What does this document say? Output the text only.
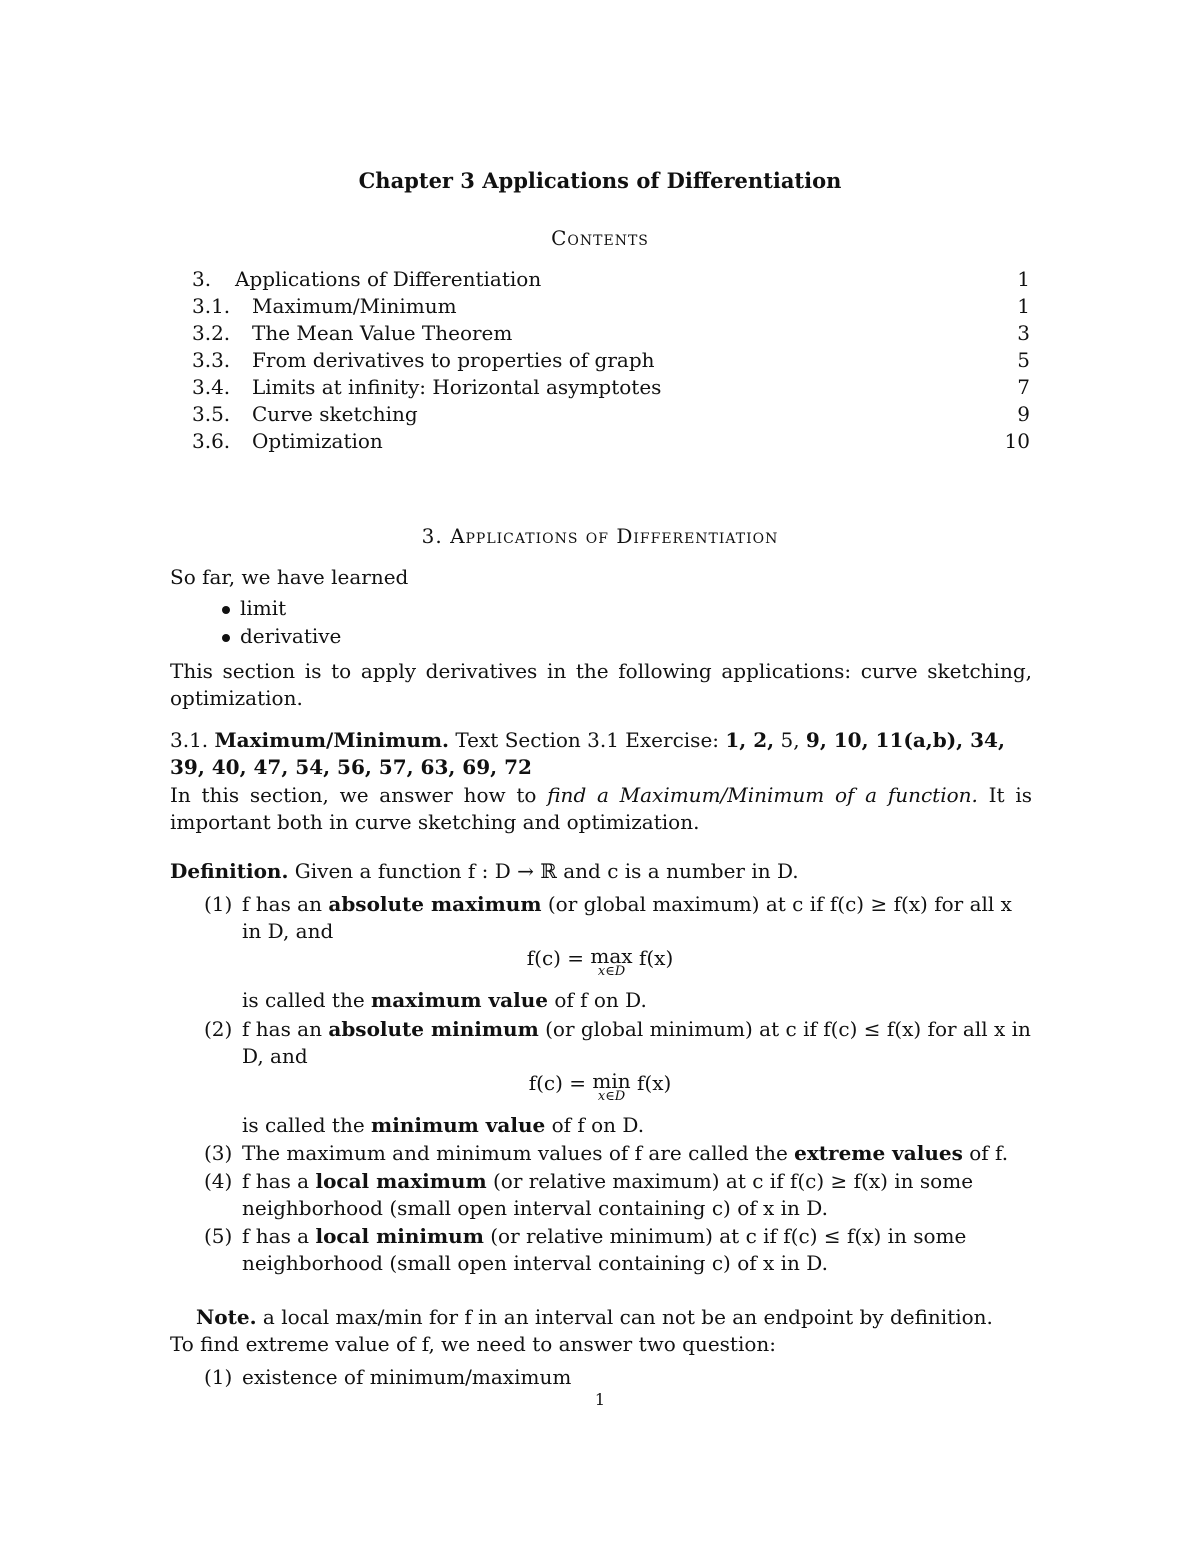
Chapter 3 Applications of Differentiation
Contents
3. Applications of Differentiation	1
3.1. Maximum/Minimum	1
3.2. The Mean Value Theorem	3
3.3. From derivatives to properties of graph	5
3.4. Limits at infinity: Horizontal asymptotes	7
3.5. Curve sketching	9
3.6. Optimization	10
3. Applications of Differentiation
So far, we have learned
limit
derivative
This section is to apply derivatives in the following applications: curve sketching, optimization.
3.1. Maximum/Minimum. Text Section 3.1 Exercise: 1, 2, 5, 9, 10, 11(a,b), 34, 39, 40, 47, 54, 56, 57, 63, 69, 72
In this section, we answer how to find a Maximum/Minimum of a function. It is important both in curve sketching and optimization.
Definition. Given a function f : D → ℝ and c is a number in D.
(1) f has an absolute maximum (or global maximum) at c if f(c) ≥ f(x) for all x in D, and
f(c) = max
x∈D
f(x)
is called the maximum value of f on D.
(2) f has an absolute minimum (or global minimum) at c if f(c) ≤ f(x) for all x in D, and
f(c) = min
x∈D
f(x)
is called the minimum value of f on D.
(3) The maximum and minimum values of f are called the extreme values of f.
(4) f has a local maximum (or relative maximum) at c if f(c) ≥ f(x) in some neighborhood (small open interval containing c) of x in D.
(5) f has a local minimum (or relative minimum) at c if f(c) ≤ f(x) in some neighborhood (small open interval containing c) of x in D.
Note. a local max/min for f in an interval can not be an endpoint by definition.
To find extreme value of f, we need to answer two question:
(1) existence of minimum/maximum
1
